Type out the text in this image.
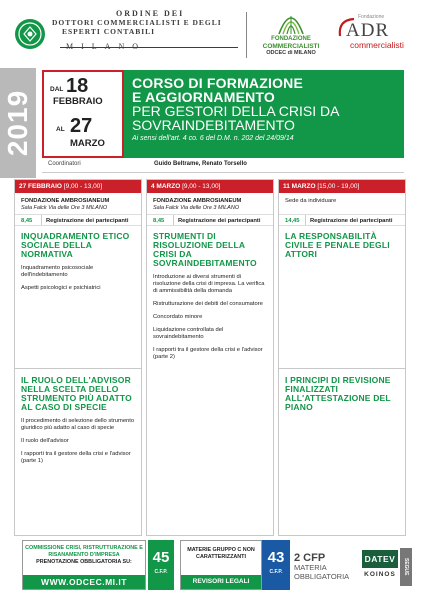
ORDINE DEI
DOTTORI COMMERCIALISTI E DEGLI
ESPERTI CONTABILI
FONDAZIONE
COMMERCIALISTI
ODCEC di MILANO
Fondazione
ADR
commercialisti
2019
DAL 18
FEBBRAIO
AL 27
MARZO
CORSO DI FORMAZIONE
E AGGIORNAMENTO
PER GESTORI DELLA CRISI DA SOVRAINDEBITAMENTO
Ai sensi dell'art. 4 co. 6 del D.M. n. 202 del 24/09/14
Coordinatori	Guido Beltrame, Renato Torsello
27 FEBBRAIO [9,00 - 13,00]
FONDAZIONE AMBROSIANEUM
Sala Falck Via delle Ore 3 MILANO
8,45 Registrazione dei partecipanti
INQUADRAMENTO ETICO SOCIALE DELLA NORMATIVA

Inquadramento psicosociale dell'indebitamento

Aspetti psicologici e psichiatrici

IL RUOLO DELL'ADVISOR NELLA SCELTA DELLO STRUMENTO PIÙ ADATTO AL CASO DI SPECIE

Il procedimento di selezione dello strumento giuridico più adatto al caso di specie

Il ruolo dell'advisor

I rapporti tra il gestore della crisi e l'advisor (parte 1)

4 MARZO [9,00 - 13,00]
FONDAZIONE AMBROSIANEUM
Sala Falck Via delle Ore 3 MILANO
8,45 Registrazione dei partecipanti
STRUMENTI DI RISOLUZIONE DELLA CRISI DA SOVRAINDEBITAMENTO

Introduzione ai diversi strumenti di risoluzione della crisi di impresa. La verifica di ammissibilità della domanda

Ristrutturazione dei debiti del consumatore

Concordato minore

Liquidazione controllata del sovraindebitamento

I rapporti tra il gestore della crisi e l'advisor (parte 2)

11 MARZO [15,00 - 19,00]
Sede da individuare
14,45 Registrazione dei partecipanti
LA RESPONSABILITÀ CIVILE E PENALE DEGLI ATTORI
I PRINCIPI DI REVISIONE FINALIZZATI ALL'ATTESTAZIONE DEL PIANO
COMMISSIONE CRISI, RISTRUTTURAZIONE E RISANAMENTO D'IMPRESA
PRENOTAZIONE OBBLIGATORIA SU:
WWW.ODCEC.MI.IT
45
C.F.P.
MATERIE GRUPPO C NON CARATTERIZZANTI
REVISORI LEGALI
43
C.F.P.
2 CFP MATERIA
OBBLIGATORIA
DATEV
KOINOS	SEGUE
